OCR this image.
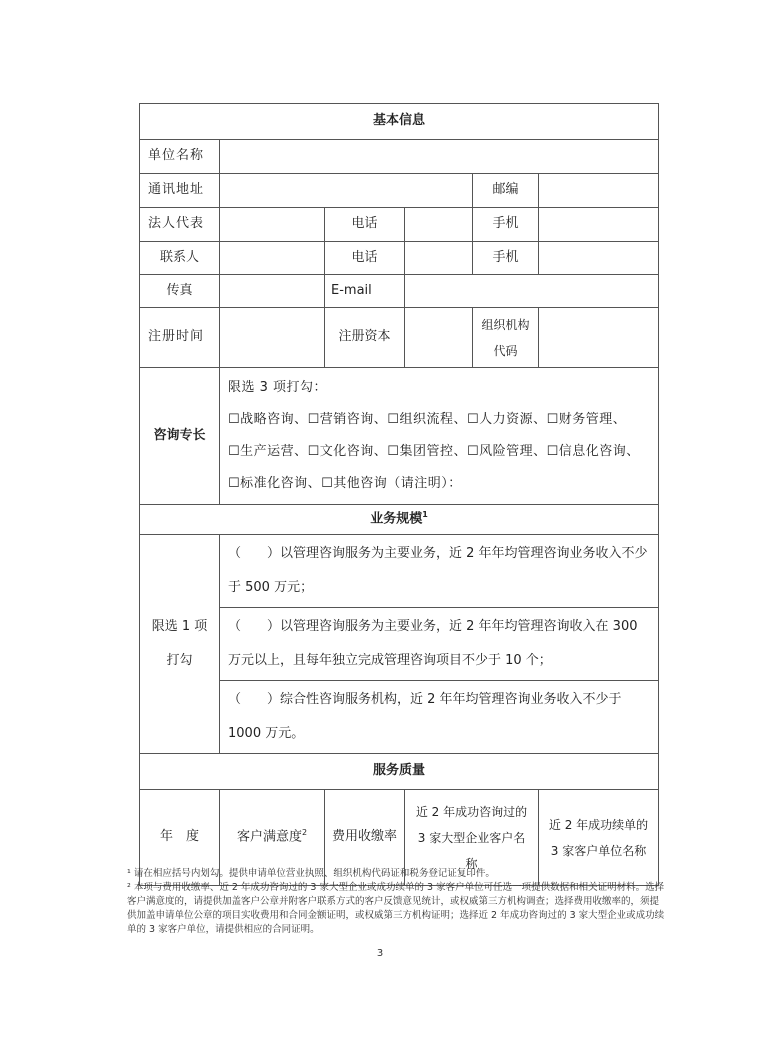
基本信息					
单位名称					
通讯地址				邮编	
法人代表		电话		手机	
联系人		电话		手机	
传真		E-mail			
注册时间		注册资本		组织机构
代码	

咨询专长	限选 3 项打勾：

☐战略咨询、☐营销咨询、☐组织流程、☐人力资源、☐财务管理、

☐生产运营、☐文化咨询、☐集团管控、☐风险管理、☐信息化咨询、

☐标准化咨询、☐其他咨询（请注明）：				

业务规模$^1$

限选 1 项
打勾	（　　）以管理咨询服务为主要业务，近 2 年年均管理咨询业务收入不少于 500 万元；				
	（　　）以管理咨询服务为主要业务，近 2 年年均管理咨询收入在 300 万元以上，且每年独立完成管理咨询项目不少于 10 个；				
	（　　）综合性咨询服务机构，近 2 年年均管理咨询业务收入不少于 1000 万元。				
服务质量					
年　度	客户满意度$^2$	费用收缴率	近 2 年成功咨询过的 3 家大型企业客户名称		近 2 年成功续单的 3 家客户单位名称

¹ 请在相应括号内划勾。提供申请单位营业执照、组织机构代码证和税务登记证复印件。

² 本项与费用收缴率、近 2 年成功咨询过的 3 家大型企业或成功续单的 3 家客户单位可任选一项提供数据和相关证明材料。选择客户满意度的，请提供加盖客户公章并附客户联系方式的客户反馈意见统计，或权威第三方机构调查；选择费用收缴率的，须提供加盖申请单位公章的项目实收费用和合同金额证明，或权威第三方机构证明；选择近 2 年成功咨询过的 3 家大型企业或成功续单的 3 家客户单位，请提供相应的合同证明。

3
